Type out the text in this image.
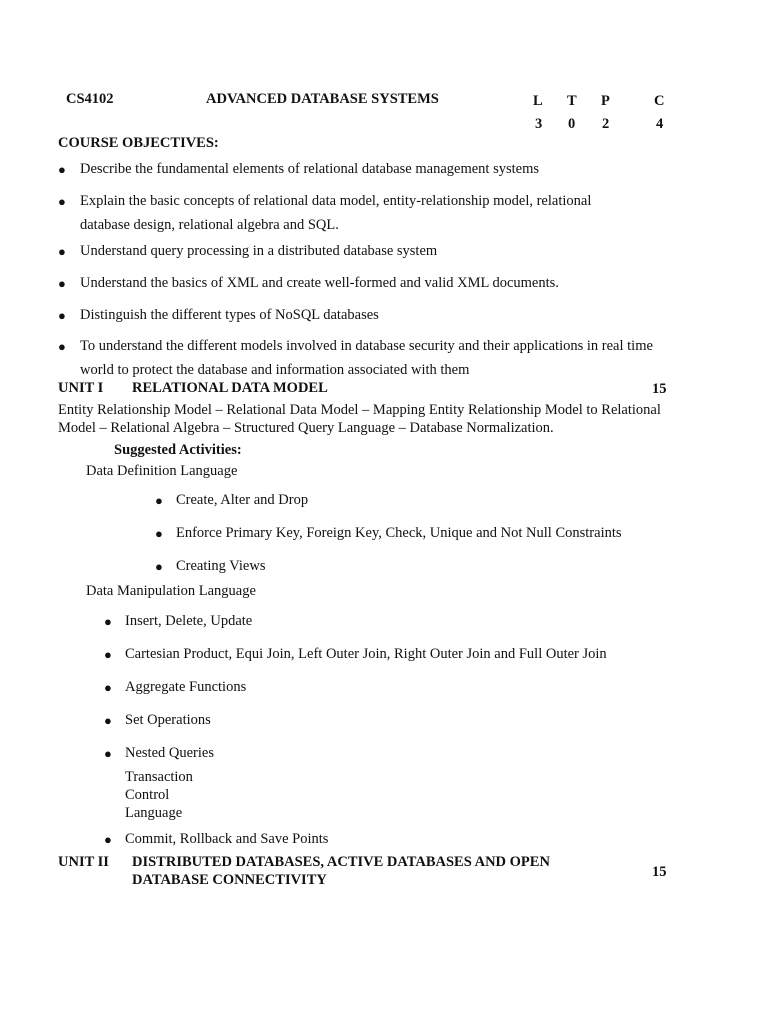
CS4102	ADVANCED DATABASE SYSTEMS	L T P	C
3 0 2	4
COURSE OBJECTIVES:
● Describe the fundamental elements of relational database management systems
● Explain the basic concepts of relational data model, entity-relationship model, relational
database design, relational algebra and SQL.
● Understand query processing in a distributed database system
● Understand the basics of XML and create well-formed and valid XML documents.
● Distinguish the different types of NoSQL databases
● To understand the different models involved in database security and their applications in real time
world to protect the database and information associated with them
UNIT I RELATIONAL DATA MODEL	15
Entity Relationship Model – Relational Data Model – Mapping Entity Relationship Model to Relational
Model – Relational Algebra – Structured Query Language – Database Normalization.
Suggested Activities:
Data Definition Language
● Create, Alter and Drop
● Enforce Primary Key, Foreign Key, Check, Unique and Not Null Constraints
● Creating Views
Data Manipulation Language
● Insert, Delete, Update
● Cartesian Product, Equi Join, Left Outer Join, Right Outer Join and Full Outer Join
● Aggregate Functions
● Set Operations
● Nested Queries
Transaction
Control
Language
● Commit, Rollback and Save Points
UNIT II DISTRIBUTED DATABASES, ACTIVE DATABASES AND OPEN
DATABASE CONNECTIVITY	15
